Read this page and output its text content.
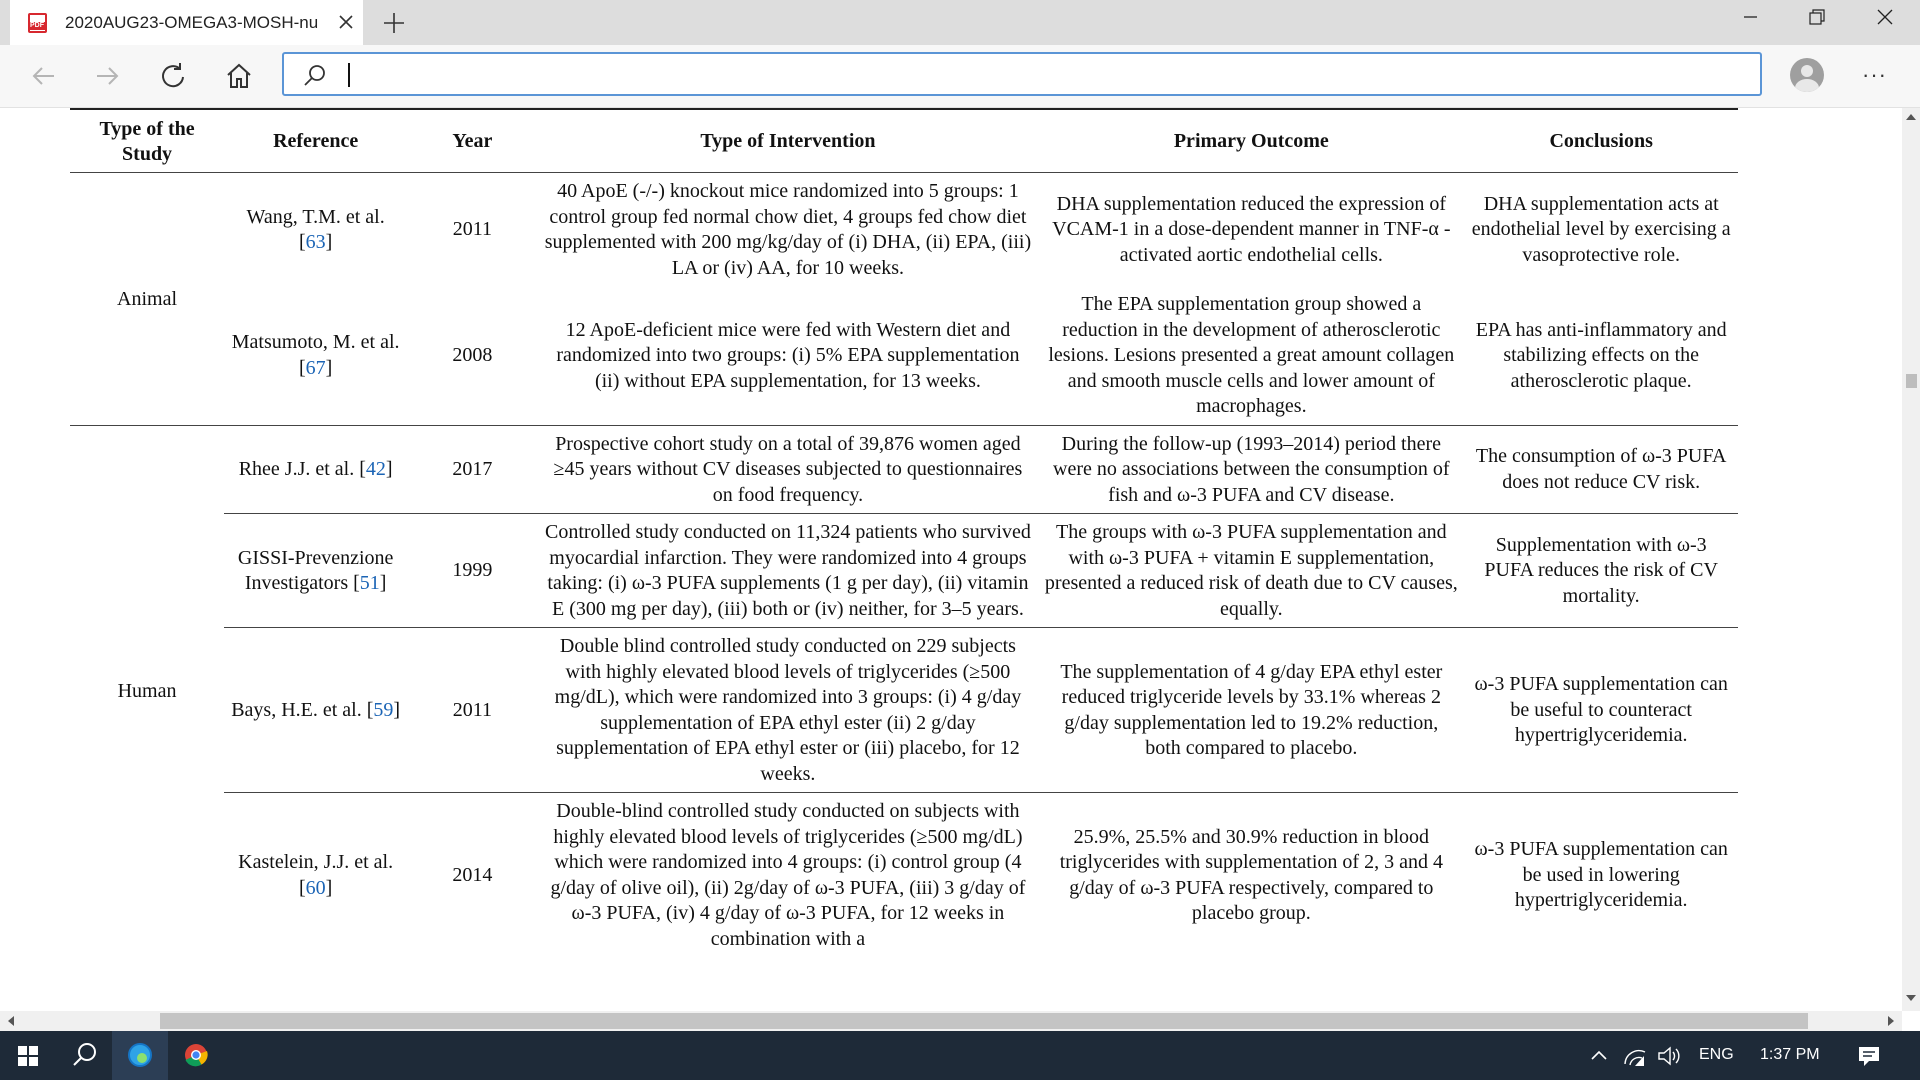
PDF 2020AUG23-OMEGA3-MOSH-nu
···
Type of the Study	Reference	Year	Type of Intervention	Primary Outcome	Conclusions
Animal	Wang, T.M. et al. [63]	2011	40 ApoE (-/-) knockout mice randomized into 5 groups: 1 control group fed normal chow diet, 4 groups fed chow diet supplemented with 200 mg/kg/day of (i) DHA, (ii) EPA, (iii) LA or (iv) AA, for 10 weeks.	DHA supplementation reduced the expression of VCAM-1 in a dose-dependent manner in TNF-α -activated aortic endothelial cells.	DHA supplementation acts at endothelial level by exercising a vasoprotective role.
	Matsumoto, M. et al. [67]	2008	12 ApoE-deficient mice were fed with Western diet and randomized into two groups: (i) 5% EPA supplementation (ii) without EPA supplementation, for 13 weeks.	The EPA supplementation group showed a reduction in the development of atherosclerotic lesions. Lesions presented a great amount collagen and smooth muscle cells and lower amount of macrophages.	EPA has anti-inflammatory and stabilizing effects on the atherosclerotic plaque.
Human	Rhee J.J. et al. [42]	2017	Prospective cohort study on a total of 39,876 women aged ≥45 years without CV diseases subjected to questionnaires on food frequency.	During the follow-up (1993–2014) period there were no associations between the consumption of fish and ω-3 PUFA and CV disease.	The consumption of ω-3 PUFA does not reduce CV risk.
	GISSI-Prevenzione Investigators [51]	1999	Controlled study conducted on 11,324 patients who survived myocardial infarction. They were randomized into 4 groups taking: (i) ω-3 PUFA supplements (1 g per day), (ii) vitamin E (300 mg per day), (iii) both or (iv) neither, for 3–5 years.	The groups with ω-3 PUFA supplementation and with ω-3 PUFA + vitamin E supplementation, presented a reduced risk of death due to CV causes, equally.	Supplementation with ω-3 PUFA reduces the risk of CV mortality.
	Bays, H.E. et al. [59]	2011	Double blind controlled study conducted on 229 subjects with highly elevated blood levels of triglycerides (≥500 mg/dL), which were randomized into 3 groups: (i) 4 g/day supplementation of EPA ethyl ester (ii) 2 g/day supplementation of EPA ethyl ester or (iii) placebo, for 12 weeks.	The supplementation of 4 g/day EPA ethyl ester reduced triglyceride levels by 33.1% whereas 2 g/day supplementation led to 19.2% reduction, both compared to placebo.	ω-3 PUFA supplementation can be useful to counteract hypertriglyceridemia.
	Kastelein, J.J. et al. [60]	2014	Double-blind controlled study conducted on subjects with highly elevated blood levels of triglycerides (≥500 mg/dL) which were randomized into 4 groups: (i) control group (4 g/day of olive oil), (ii) 2g/day of ω-3 PUFA, (iii) 3 g/day of ω-3 PUFA, (iv) 4 g/day of ω-3 PUFA, for 12 weeks in combination with a	25.9%, 25.5% and 30.9% reduction in blood triglycerides with supplementation of 2, 3 and 4 g/day of ω-3 PUFA respectively, compared to placebo group.	ω-3 PUFA supplementation can be used in lowering hypertriglyceridemia.
ENG 1:37 PM
